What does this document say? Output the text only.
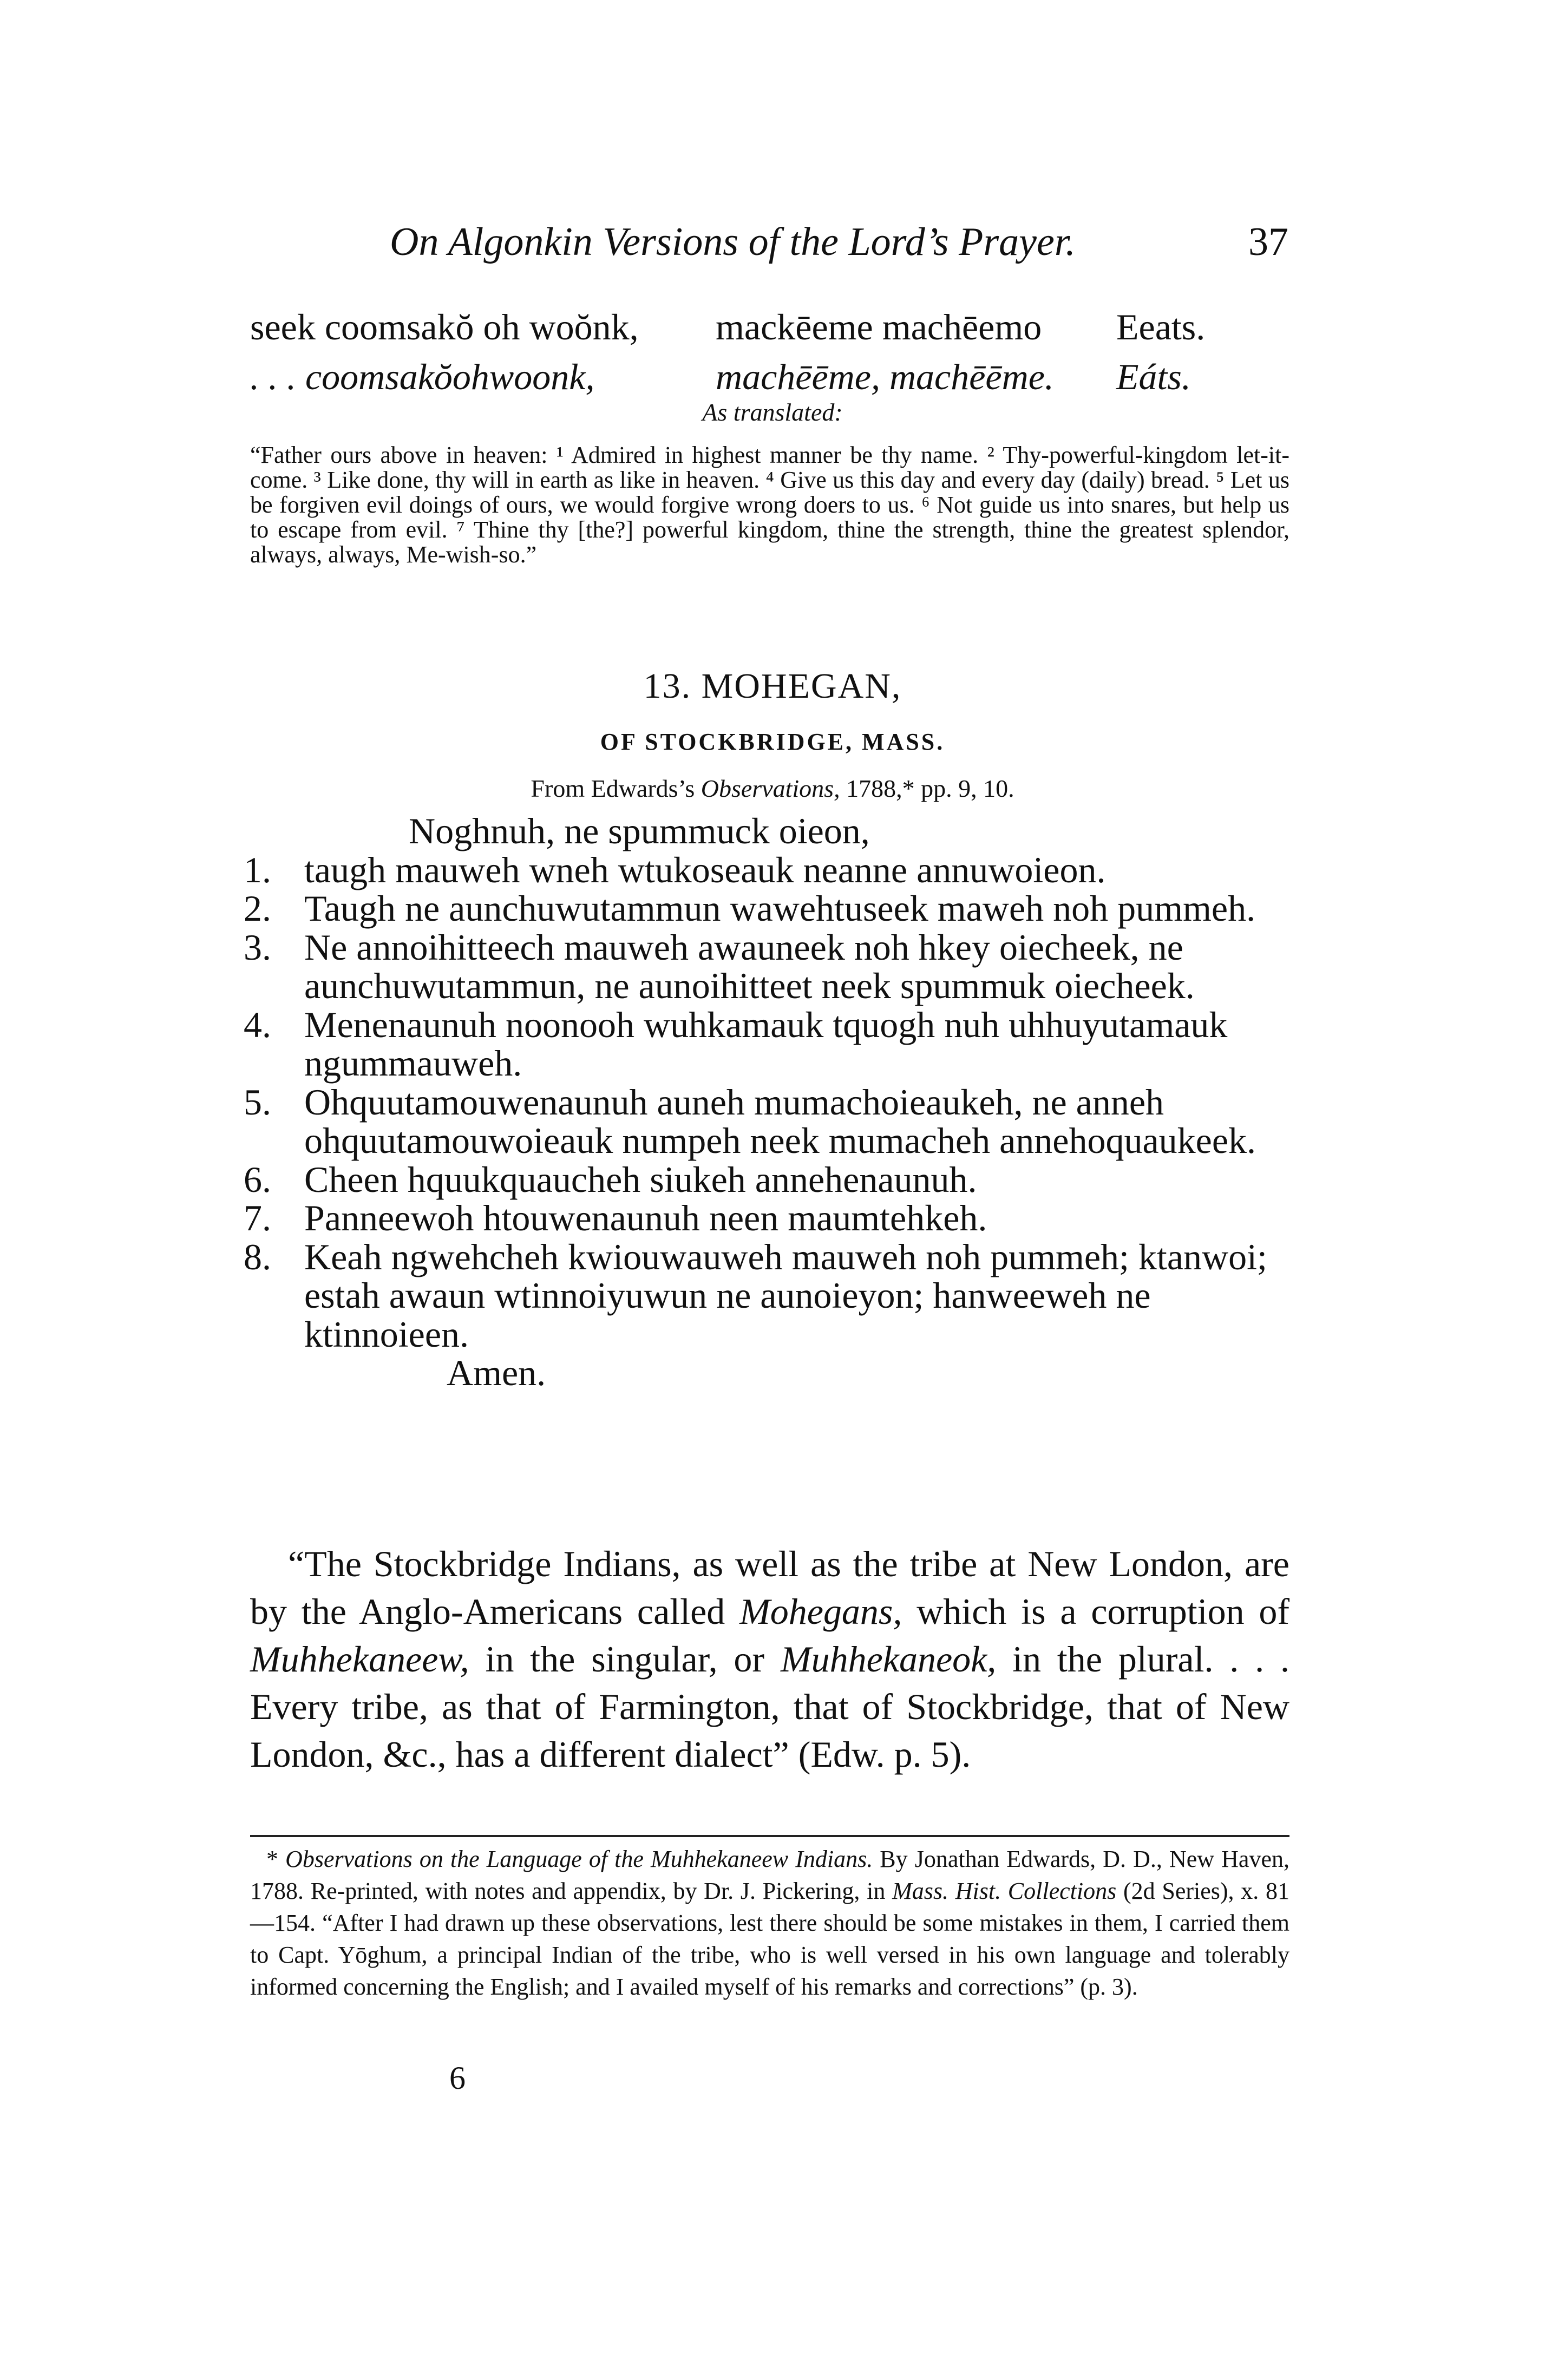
On Algonkin Versions of the Lord’s Prayer.	37
seek coomsakŏ oh woŏnk, mackēeme machēemo Eeats.
. . . coomsakŏohwoonk,	machēēme, machēēme. Eáts.
As translated:

“Father ours above in heaven: ¹ Admired in highest manner be thy name. ² Thy-powerful-kingdom let-it-come. ³ Like done, thy will in earth as like in heaven. ⁴ Give us this day and every day (daily) bread. ⁵ Let us be forgiven evil doings of ours, we would forgive wrong doers to us. ⁶ Not guide us into snares, but help us to escape from evil. ⁷ Thine thy [the?] powerful kingdom, thine the strength, thine the greatest splendor, always, always, Me-wish-so.”

13. MOHEGAN,
OF STOCKBRIDGE, MASS.
From Edwards’s Observations, 1788,* pp. 9, 10.
Noghnuh, ne spummuck oieon,
1. taugh mauweh wneh wtukoseauk neanne annuwoieon.
2. Taugh ne aunchuwutammun wawehtuseek maweh noh pummeh.
3. Ne annoihitteech mauweh awauneek noh hkey oiecheek, ne aunchuwutammun, ne aunoihitteet neek spummuk oiecheek.
4. Menenaunuh noonooh wuhkamauk tquogh nuh uhhuyutamauk ngummauweh.
5. Ohquutamouwenaunuh auneh mumachoieaukeh, ne anneh ohquutamouwoieauk numpeh neek mumacheh annehoquaukeek.
6. Cheen hquukquaucheh siukeh annehenaunuh.
7. Panneewoh htouwenaunuh neen maumtehkeh.
8. Keah ngwehcheh kwiouwauweh mauweh noh pummeh; ktanwoi; estah awaun wtinnoiyuwun ne aunoieyon; hanweeweh ne ktinnoieen.
Amen.

“The Stockbridge Indians, as well as the tribe at New London, are by the Anglo-Americans called Mohegans, which is a corruption of Muhhekaneew, in the singular, or Muhhekaneok, in the plural. . . . Every tribe, as that of Farmington, that of Stockbridge, that of New London, &c., has a different dialect” (Edw. p. 5).

* Observations on the Language of the Muhhekaneew Indians. By Jonathan Edwards, D. D., New Haven, 1788. Re-printed, with notes and appendix, by Dr. J. Pickering, in Mass. Hist. Collections (2d Series), x. 81—154. “After I had drawn up these observations, lest there should be some mistakes in them, I carried them to Capt. Yōghum, a principal Indian of the tribe, who is well versed in his own language and tolerably informed concerning the English; and I availed myself of his remarks and corrections” (p. 3).

6
